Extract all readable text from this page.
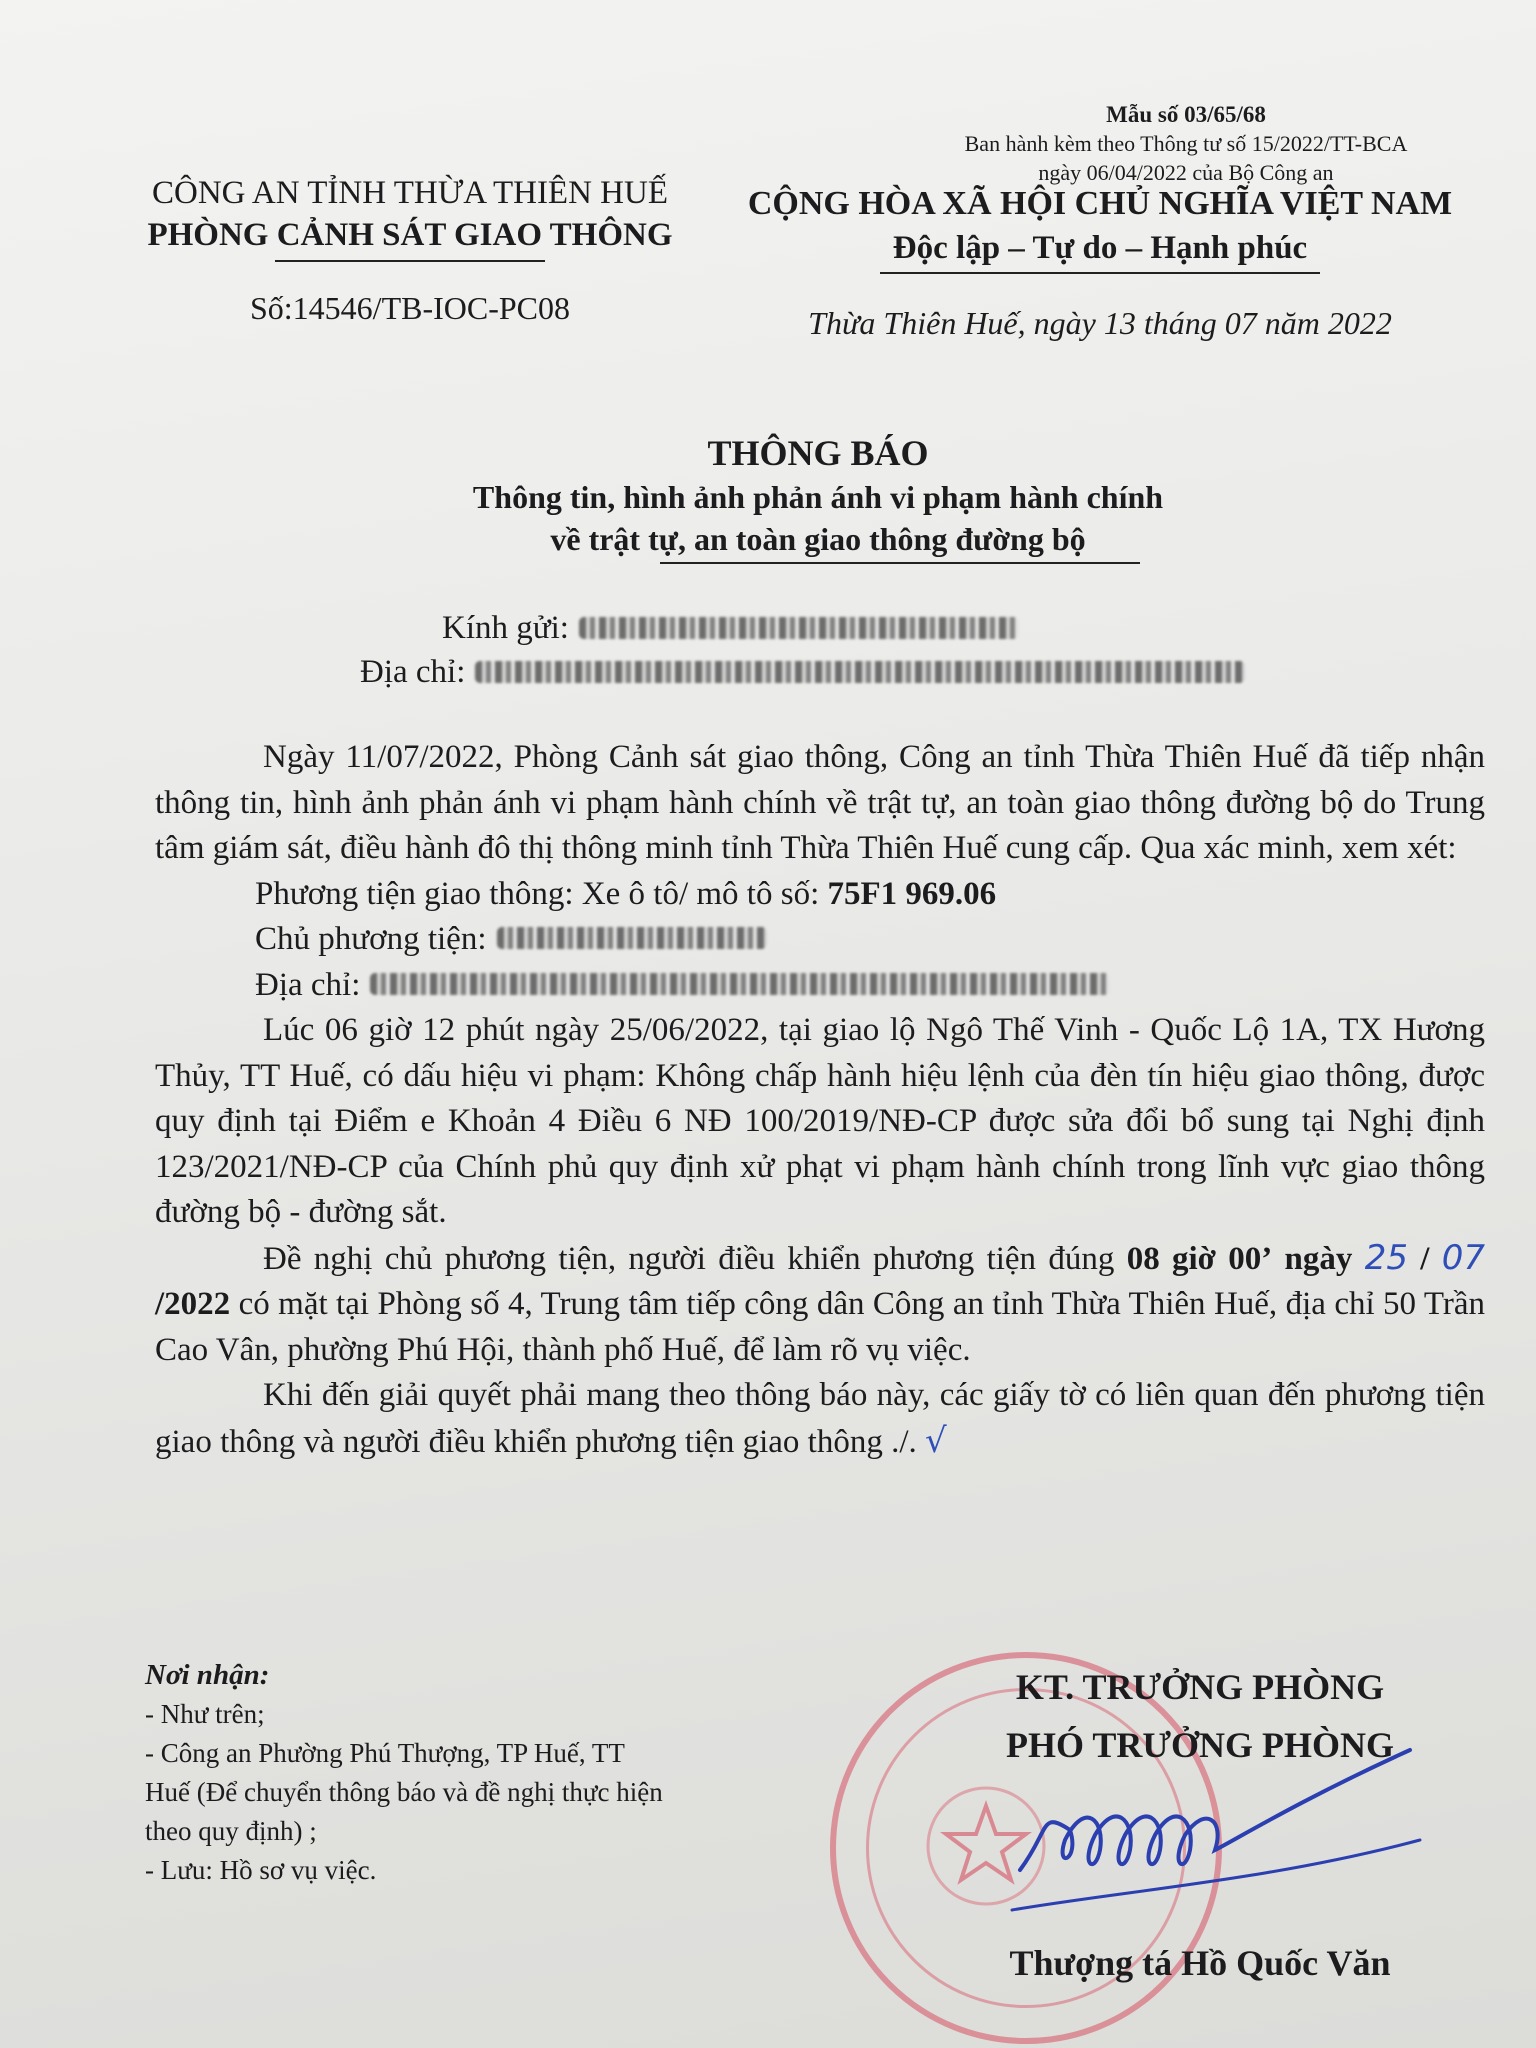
Mẫu số 03/65/68
Ban hành kèm theo Thông tư số 15/2022/TT-BCA
ngày 06/04/2022 của Bộ Công an
CÔNG AN TỈNH THỪA THIÊN HUẾ
PHÒNG CẢNH SÁT GIAO THÔNG
Số:14546/TB-IOC-PC08
CỘNG HÒA XÃ HỘI CHỦ NGHĨA VIỆT NAM
Độc lập – Tự do – Hạnh phúc
Thừa Thiên Huế, ngày 13 tháng 07 năm 2022
THÔNG BÁO
Thông tin, hình ảnh phản ánh vi phạm hành chính
về trật tự, an toàn giao thông đường bộ
Kính gửi:
Địa chỉ:

Ngày 11/07/2022, Phòng Cảnh sát giao thông, Công an tỉnh Thừa Thiên Huế đã tiếp nhận thông tin, hình ảnh phản ánh vi phạm hành chính về trật tự, an toàn giao thông đường bộ do Trung tâm giám sát, điều hành đô thị thông minh tỉnh Thừa Thiên Huế cung cấp. Qua xác minh, xem xét:

Phương tiện giao thông: Xe ô tô/ mô tô số: 75F1 969.06

Chủ phương tiện:

Địa chỉ:

Lúc 06 giờ 12 phút ngày 25/06/2022, tại giao lộ Ngô Thế Vinh - Quốc Lộ 1A, TX Hương Thủy, TT Huế, có dấu hiệu vi phạm: Không chấp hành hiệu lệnh của đèn tín hiệu giao thông, được quy định tại Điểm e Khoản 4 Điều 6 NĐ 100/2019/NĐ-CP được sửa đổi bổ sung tại Nghị định 123/2021/NĐ-CP của Chính phủ quy định xử phạt vi phạm hành chính trong lĩnh vực giao thông đường bộ - đường sắt.

Đề nghị chủ phương tiện, người điều khiển phương tiện đúng 08 giờ 00’ ngày 25 / 07 /2022 có mặt tại Phòng số 4, Trung tâm tiếp công dân Công an tỉnh Thừa Thiên Huế, địa chỉ 50 Trần Cao Vân, phường Phú Hội, thành phố Huế, để làm rõ vụ việc.

Khi đến giải quyết phải mang theo thông báo này, các giấy tờ có liên quan đến phương tiện giao thông và người điều khiển phương tiện giao thông ./. √

Nơi nhận:
- Như trên;
- Công an Phường Phú Thượng, TP Huế, TT
Huế (Để chuyển thông báo và đề nghị thực hiện
theo quy định) ;
- Lưu: Hồ sơ vụ việc.
KT. TRƯỞNG PHÒNG
PHÓ TRƯỞNG PHÒNG
Thượng tá Hồ Quốc Văn
